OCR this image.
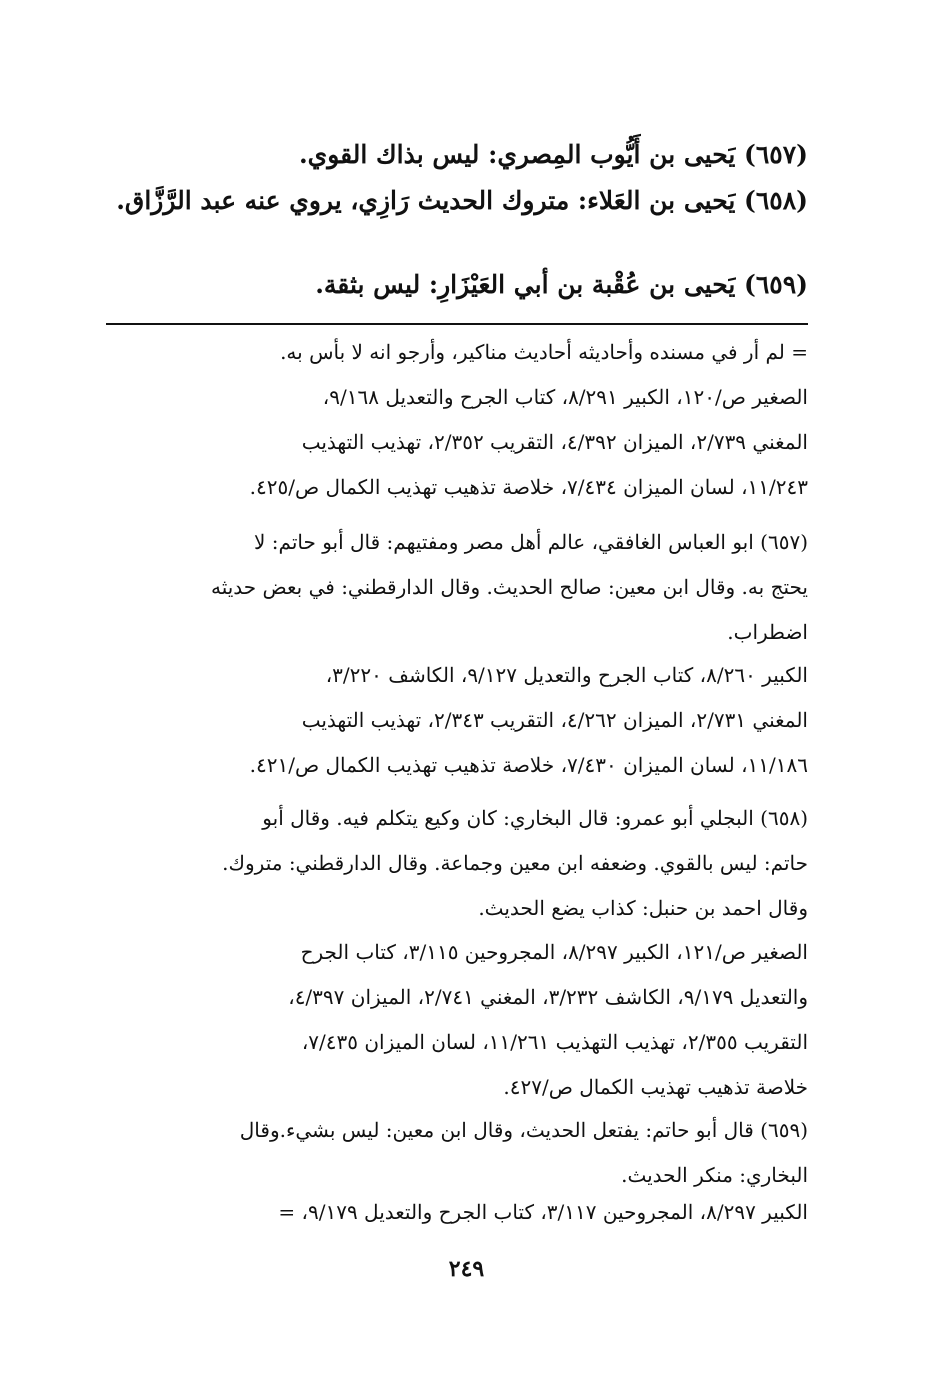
(٦٥٧) يَحيى بن أَيُّوب المِصري: ليس بذاك القوي.
(٦٥٨) يَحيى بن العَلاء: متروك الحديث رَازِي، يروي عنه عبد الرَّزَّاق.
(٦٥٩) يَحيى بن عُقْبة بن أبي العَيْزَارِ: ليس بثقة.
= لم أر في مسنده وأحاديثه أحاديث مناكير، وأرجو انه لا بأس به.
الصغير ص/١٢٠، الكبير ٨/٢٩١، كتاب الجرح والتعديل ٩/١٦٨،
المغني ٢/٧٣٩، الميزان ٤/٣٩٢، التقريب ٢/٣٥٢، تهذيب التهذيب
١١/٢٤٣، لسان الميزان ٧/٤٣٤، خلاصة تذهيب تهذيب الكمال ص/٤٢٥.
(٦٥٧) ابو العباس الغافقي، عالم أهل مصر ومفتيهم: قال أبو حاتم: لا
يحتج به. وقال ابن معين: صالح الحديث. وقال الدارقطني: في بعض حديثه
اضطراب.
الكبير ٨/٢٦٠، كتاب الجرح والتعديل ٩/١٢٧، الكاشف ٣/٢٢٠،
المغني ٢/٧٣١، الميزان ٤/٢٦٢، التقريب ٢/٣٤٣، تهذيب التهذيب
١١/١٨٦، لسان الميزان ٧/٤٣٠، خلاصة تذهيب تهذيب الكمال ص/٤٢١.
(٦٥٨) البجلي أبو عمرو: قال البخاري: كان وكيع يتكلم فيه. وقال أبو
حاتم: ليس بالقوي. وضعفه ابن معين وجماعة. وقال الدارقطني: متروك.
وقال احمد بن حنبل: كذاب يضع الحديث.
الصغير ص/١٢١، الكبير ٨/٢٩٧، المجروحين ٣/١١٥، كتاب الجرح
والتعديل ٩/١٧٩، الكاشف ٣/٢٣٢، المغني ٢/٧٤١، الميزان ٤/٣٩٧،
التقريب ٢/٣٥٥، تهذيب التهذيب ١١/٢٦١، لسان الميزان ٧/٤٣٥،
خلاصة تذهيب تهذيب الكمال ص/٤٢٧.
(٦٥٩) قال أبو حاتم: يفتعل الحديث، وقال ابن معين: ليس بشيء.وقال
البخاري: منكر الحديث.
الكبير ٨/٢٩٧، المجروحين ٣/١١٧، كتاب الجرح والتعديل ٩/١٧٩، =
٢٤٩
